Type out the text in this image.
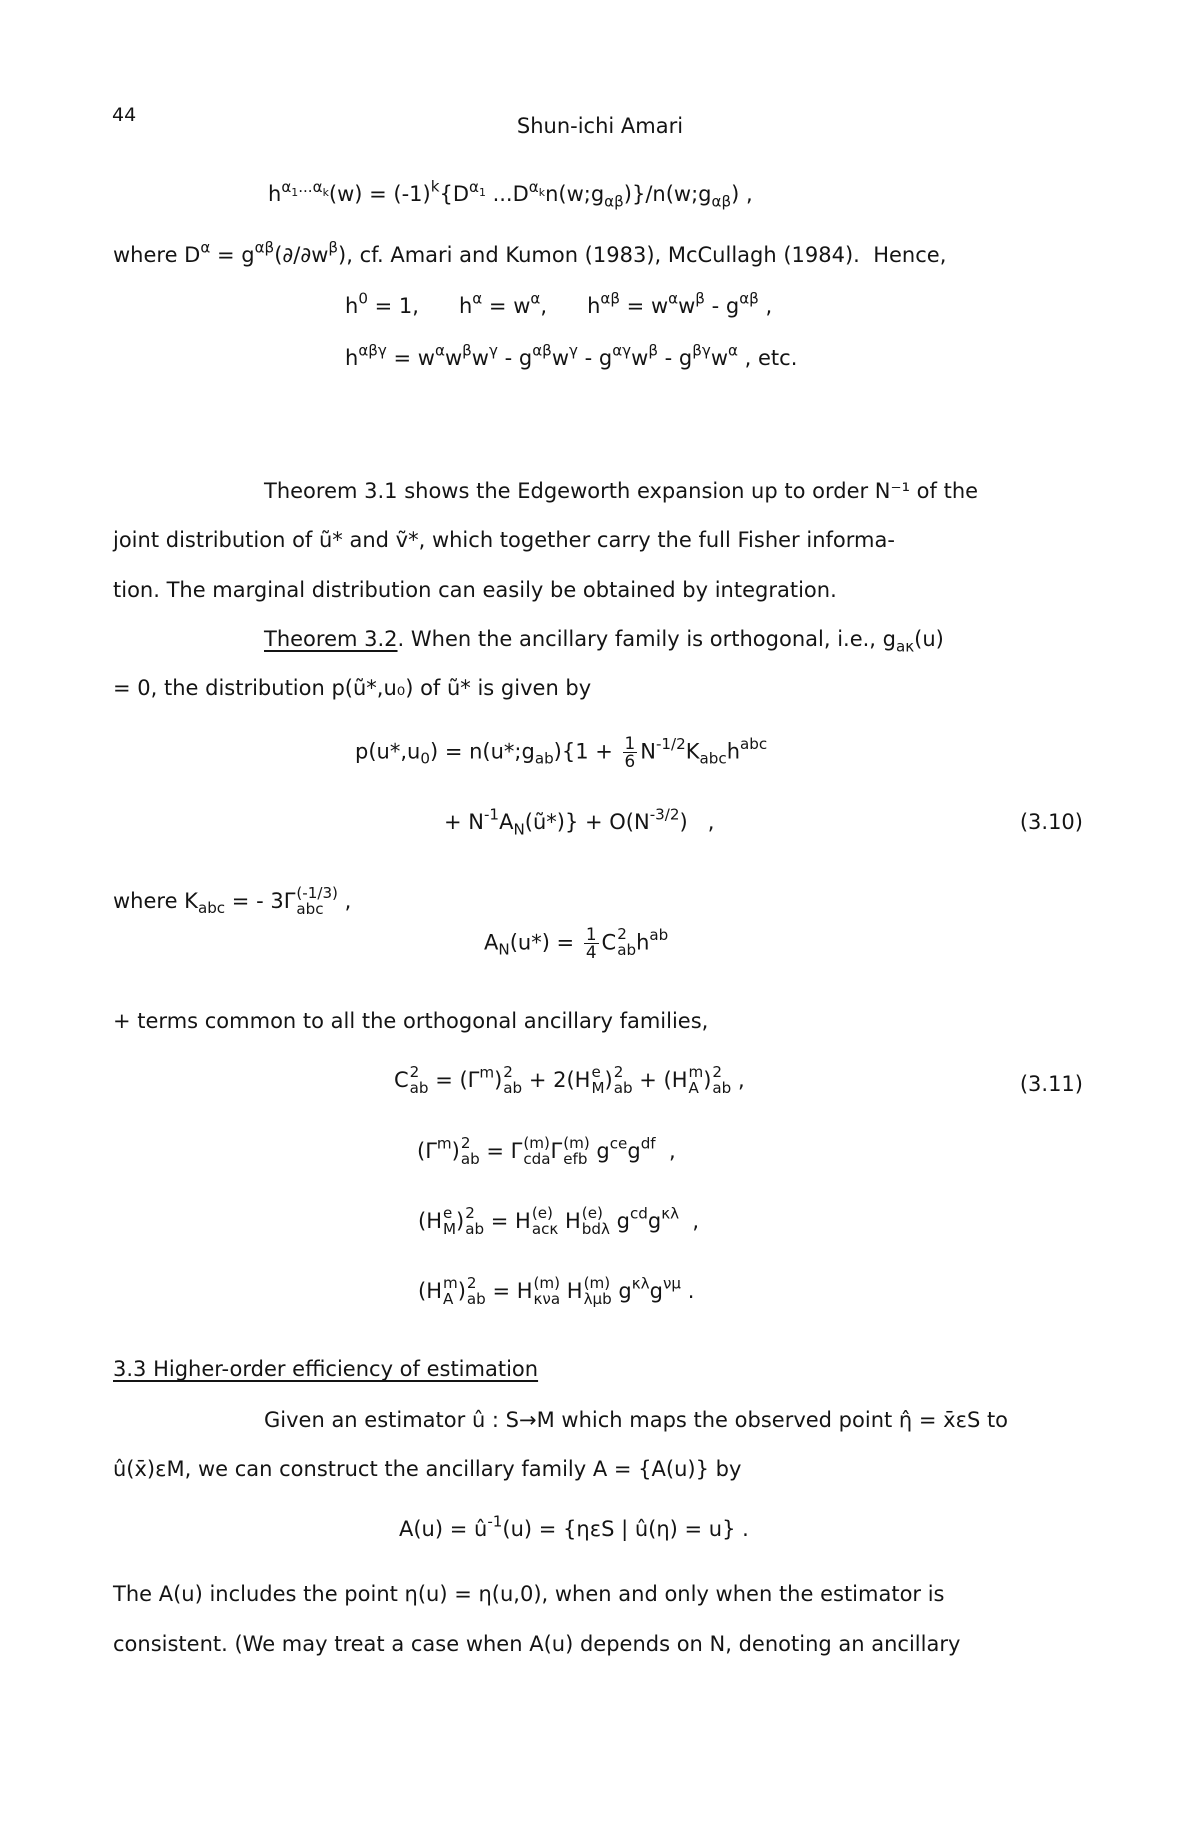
44	Shun-ichi Amari
$h^{\alpha_1...\alpha_k}(w) = (-1)^k\{D^{\alpha_1}$ $...D^{\alpha_k}n(w;g_{\alpha\beta})\}/n(w;g_{\alpha\beta})$ ,
where $D^\alpha = g^{\alpha\beta}(\partial/\partial w^\beta)$, cf. Amari and Kumon (1983), McCullagh (1984).  Hence,
$h^0 = 1$,      $h^\alpha = w^\alpha$,      $h^{\alpha\beta} = w^\alpha w^\beta - g^{\alpha\beta}$ ,
$h^{\alpha\beta\gamma} = w^\alpha w^\beta w^\gamma - g^{\alpha\beta}w^\gamma - g^{\alpha\gamma}w^\beta - g^{\beta\gamma}w^\alpha$ , etc.
Theorem 3.1 shows the Edgeworth expansion up to order N⁻¹ of the
joint distribution of ũ* and ṽ*, which together carry the full Fisher informa-
tion. The marginal distribution can easily be obtained by integration.
Theorem 3.2. When the ancillary family is orthogonal, i.e., $g_{a\kappa}(u)$
= 0, the distribution p(ũ*,u₀) of ũ* is given by
$p(u*,u_0)$ = $n(u*;g_{ab})\{1 + \frac{1}{6} N^{-1/2}K_{abc}h^{abc}$
+ $N^{-1}A_N(ũ*)\} + O(N^{-3/2})$   ,	(3.10)
where $K_{abc}$ = - 3Γ (-1/3)
abc ,
$A_N(u*) = \frac{1}{4}$ C 2
ab $h^{ab}$
+ terms common to all the orthogonal ancillary families,
C 2
ab = $(\Gamma^m)$ 2
ab + 2(H e
M ) 2
ab + (H m
A ) 2
ab ,	(3.11)
$(\Gamma^m)$ 2
ab = Γ (m)
cda Γ (m)
efb $g^{ce}g^{df}$  ,
(H e
M ) 2
ab = H (e)
acκ H (e)
bdλ $g^{cd}g^{\kappa\lambda}$  ,
(H m
A ) 2
ab = H (m)
κνa H (m)
λμb $g^{\kappa\lambda}g^{\nu\mu}$ .
3.3 Higher-order efficiency of estimation
Given an estimator û : S→M which maps the observed point η̂ = x̄εS to
û(x̄)εM, we can construct the ancillary family A = {A(u)} by
$A(u) = û^{-1}(u) = \{\eta\varepsilon S$ | û(η) = u} .
The A(u) includes the point η(u) = η(u,0), when and only when the estimator is
consistent. (We may treat a case when A(u) depends on N, denoting an ancillary
